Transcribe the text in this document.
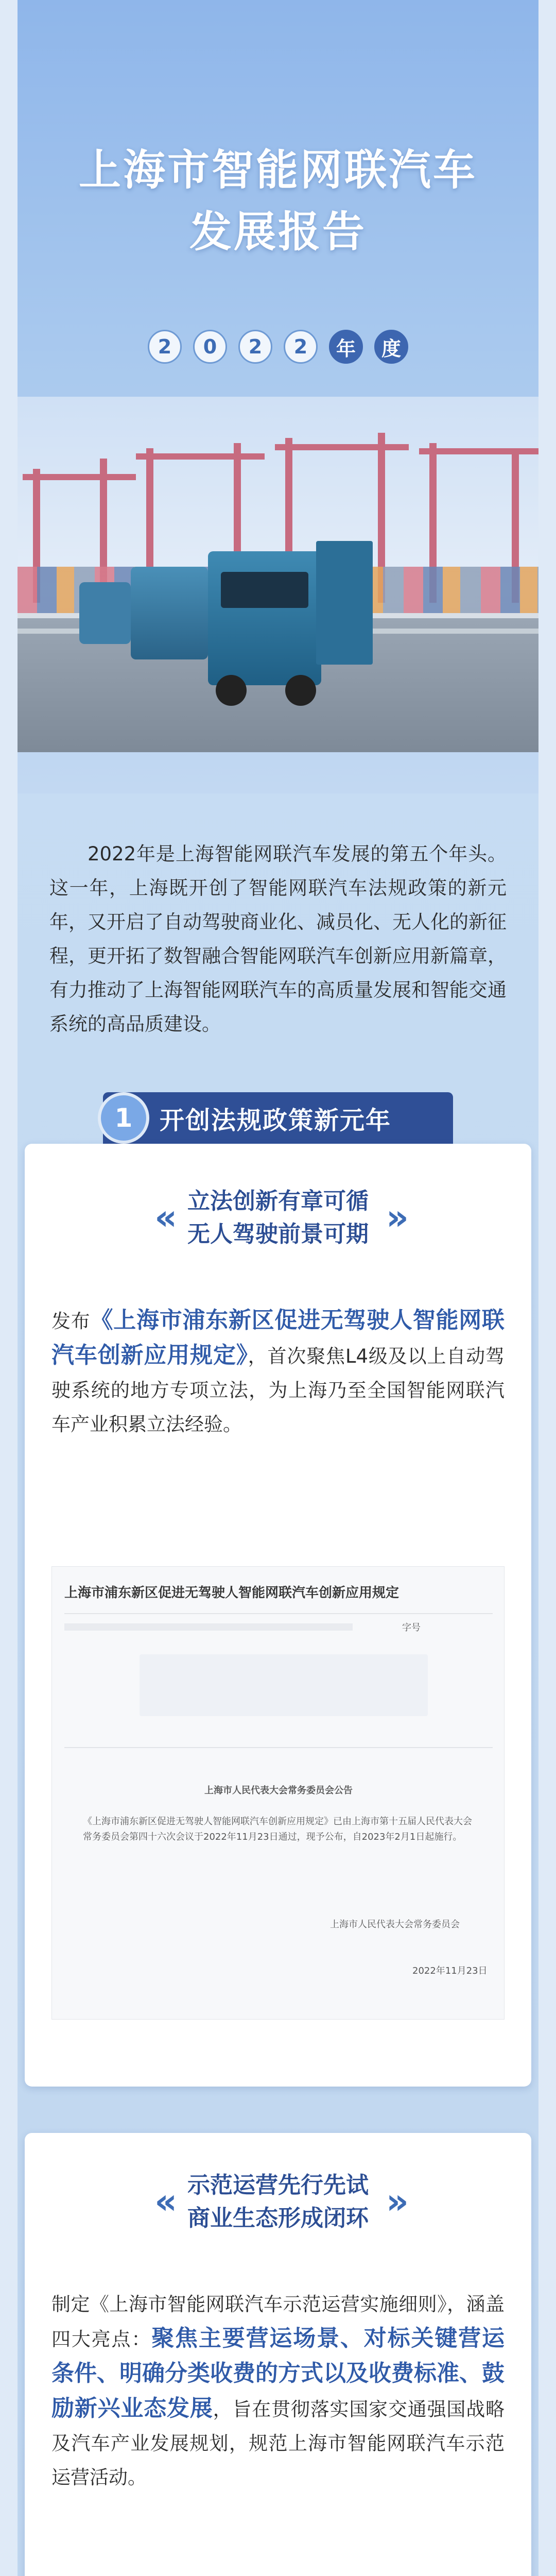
上海市智能网联汽车
发展报告
2	0	2	2	年	度
2022年是上海智能网联汽车发展的第五个年头。这一年，上海既开创了智能网联汽车法规政策的新元年，又开启了自动驾驶商业化、减员化、无人化的新征程，更开拓了数智融合智能网联汽车创新应用新篇章，有力推动了上海智能网联汽车的高质量发展和智能交通系统的高品质建设。
1	开创法规政策新元年
« 立法创新有章可循
无人驾驶前景可期 »
发布《上海市浦东新区促进无驾驶人智能网联汽车创新应用规定》，首次聚焦L4级及以上自动驾驶系统的地方专项立法，为上海乃至全国智能网联汽车产业积累立法经验。
上海市浦东新区促进无驾驶人智能网联汽车创新应用规定
字号
上海市人民代表大会常务委员会公告
《上海市浦东新区促进无驾驶人智能网联汽车创新应用规定》已由上海市第十五届人民代表大会常务委员会第四十六次会议于2022年11月23日通过，现予公布，自2023年2月1日起施行。
上海市人民代表大会常务委员会
2022年11月23日
« 示范运营先行先试
商业生态形成闭环 »
制定《上海市智能网联汽车示范运营实施细则》，涵盖四大亮点：聚焦主要营运场景、对标关键营运条件、明确分类收费的方式以及收费标准、鼓励新兴业态发展，旨在贯彻落实国家交通强国战略及汽车产业发展规划，规范上海市智能网联汽车示范运营活动。
